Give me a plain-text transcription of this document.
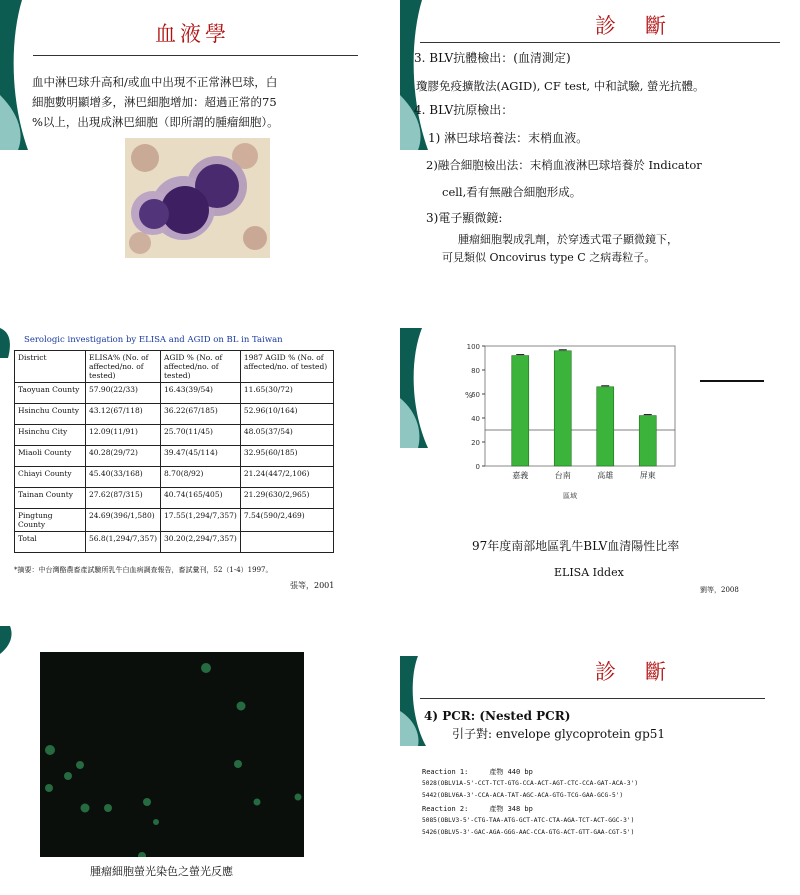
血液學
血中淋巴球升高和/或血中出現不正常淋巴球，白
細胞數明顯增多，淋巴細胞增加：超過正常的75
%以上，出現成淋巴細胞（即所謂的腫瘤細胞）。
診　斷
3. BLV抗體檢出：(血清測定)
瓊膠免疫擴散法(AGID), CF test, 中和試驗, 螢光抗體。
4. BLV抗原檢出：
1) 淋巴球培養法：末梢血液。
2)融合細胞檢出法：末梢血液淋巴球培養於 Indicator
cell,看有無融合細胞形成。
3)電子顯微鏡:
腫瘤細胞製成乳劑，於穿透式電子顯微鏡下，
可見類似 Oncovirus type C 之病毒粒子。
Serologic investigation by ELISA and AGID on BL in Taiwan
District	ELISA% (No. of affected/no. of tested)	AGID % (No. of affected/no. of tested)	1987 AGID % (No. of affected/no. of tested)
Taoyuan County	57.90(22/33)	16.43(39/54)	11.65(30/72)
Hsinchu County	43.12(67/118)	36.22(67/185)	52.96(10/164)
Hsinchu City	12.09(11/91)	25.70(11/45)	48.05(37/54)
Miaoli County	40.28(29/72)	39.47(45/114)	32.95(60/185)
Chiayi County	45.40(33/168)	8.70(8/92)	21.24(447/2,106)
Tainan County	27.62(87/315)	40.74(165/405)	21.29(630/2,965)
Pingtung County	24.69(396/1,580)	17.55(1,294/7,357)	7.54(590/2,469)
Total	56.8(1,294/7,357)	30.20(2,294/7,357)	
*摘要：中台灣酪農畜產試驗所乳牛白血病調查報告，畜試彙刊，52（1-4）1997。
張等，2001
0
20
40
60
80
100
%
嘉義	台南	高雄	屏東
區域
97年度南部地區乳牛BLV血清陽性比率
ELISA Iddex
劉等，2008
腫瘤細胞螢光染色之螢光反應
診　斷
4) PCR: (Nested PCR)
引子對: envelope glycoprotein gp51
Reaction 1:　　　產物 440 bp
5028(OBLV1A-5'-CCT-TCT-GTG-CCA-ACT-AGT-CTC-CCA-GAT-ACA-3')
5442(OBLV6A-3'-CCA-ACA-TAT-AGC-ACA-GTG-TCG-GAA-GCG-5')
Reaction 2:　　　產物 348 bp
5085(OBLV3-5'-CTG-TAA-ATG-GCT-ATC-CTA-AGA-TCT-ACT-GGC-3')
5426(OBLV5-3'-GAC-AGA-GGG-AAC-CCA-GTG-ACT-GTT-GAA-CGT-5')
